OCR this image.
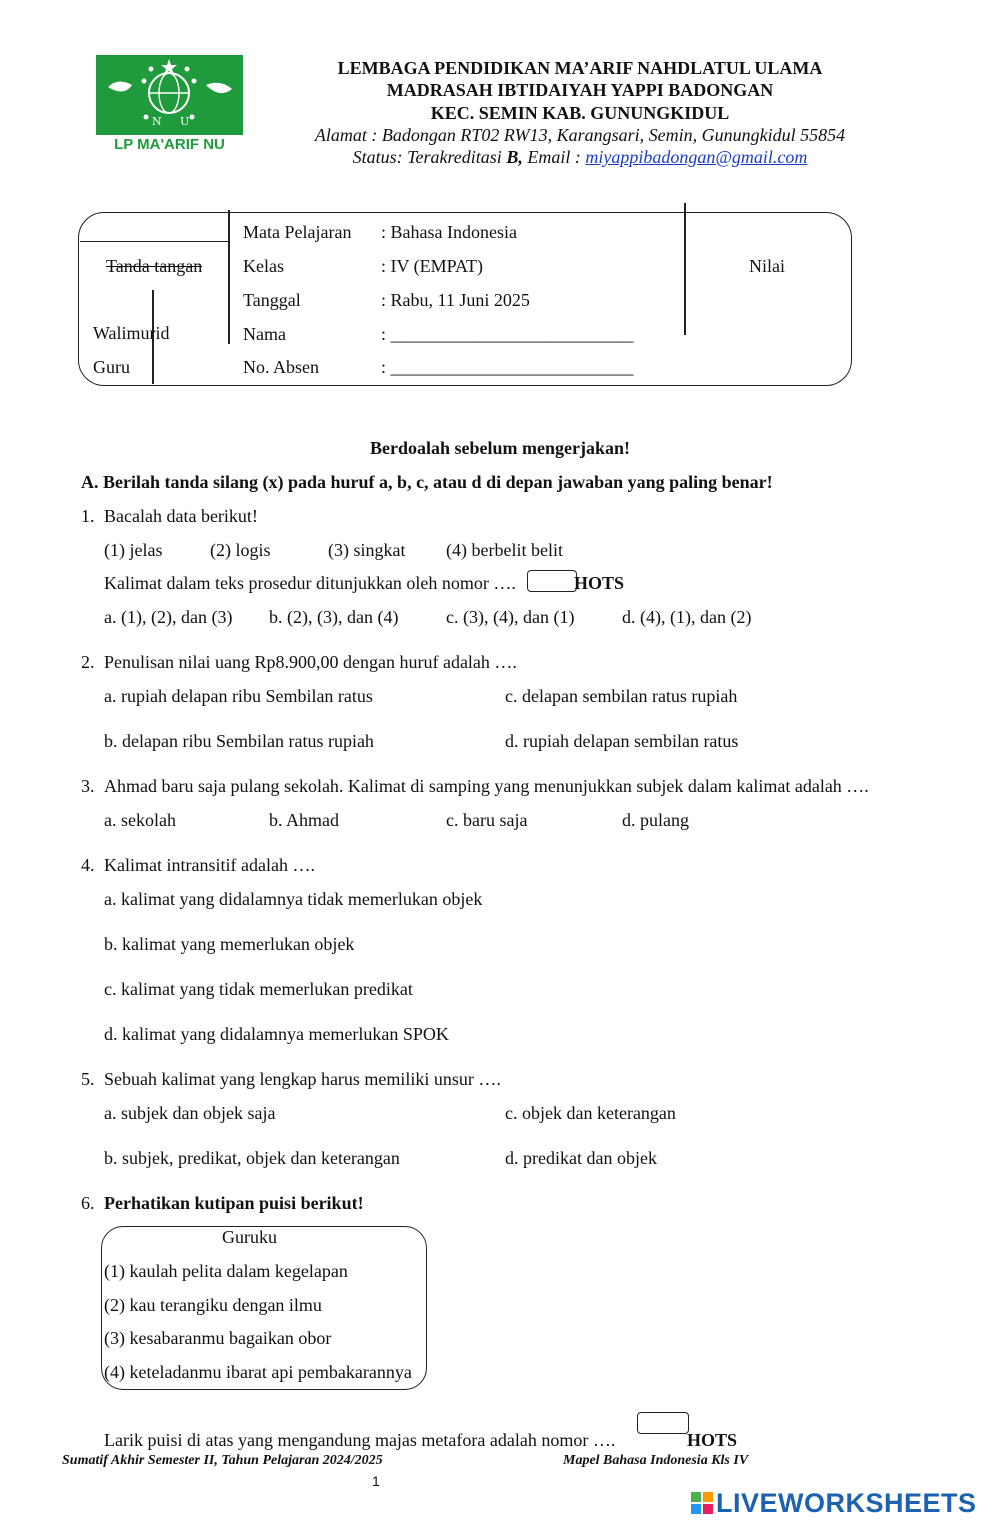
N U
LP MA'ARIF NU
LEMBAGA PENDIDIKAN MA’ARIF NAHDLATUL ULAMA
MADRASAH IBTIDAIYAH YAPPI BADONGAN
KEC. SEMIN KAB. GUNUNGKIDUL
Alamat : Badongan RT02 RW13, Karangsari, Semin, Gunungkidul 55854
Status: Terakreditasi B, Email : miyappibadongan@gmail.com
Tanda tangan
Walimurid
Guru
Nilai
Mata Pelajaran : Bahasa Indonesia
Kelas	: IV (EMPAT)
Tanggal	: Rabu, 11 Juni 2025
Nama	: ___________________________
No. Absen	: ___________________________
Berdoalah sebelum mengerjakan!
A. Berilah tanda silang (x) pada huruf a, b, c, atau d di depan jawaban yang paling benar!
1. Bacalah data berikut!
(1) jelas	(2) logis	(3) singkat (4) berbelit belit
Kalimat dalam teks prosedur ditunjukkan oleh nomor ….	HOTS
a. (1), (2), dan (3) b. (2), (3), dan (4)	c. (3), (4), dan (1)	d. (4), (1), dan (2)
2. Penulisan nilai uang Rp8.900,00 dengan huruf adalah ….
a. rupiah delapan ribu Sembilan ratus	c. delapan sembilan ratus rupiah
b. delapan ribu Sembilan ratus rupiah	d. rupiah delapan sembilan ratus
3. Ahmad baru saja pulang sekolah. Kalimat di samping yang menunjukkan subjek dalam kalimat adalah ….
a. sekolah	b. Ahmad	c. baru saja	d. pulang
4. Kalimat intransitif adalah ….
a. kalimat yang didalamnya tidak memerlukan objek
b. kalimat yang memerlukan objek
c. kalimat yang tidak memerlukan predikat
d. kalimat yang didalamnya memerlukan SPOK
5. Sebuah kalimat yang lengkap harus memiliki unsur ….
a. subjek dan objek saja	c. objek dan keterangan
b. subjek, predikat, objek dan keterangan	d. predikat dan objek
6. Perhatikan kutipan puisi berikut!
Guruku
(1) kaulah pelita dalam kegelapan
(2) kau terangiku dengan ilmu
(3) kesabaranmu bagaikan obor
(4) keteladanmu ibarat api pembakarannya
Larik puisi di atas yang mengandung majas metafora adalah nomor ….	HOTS
Sumatif Akhir Semester II, Tahun Pelajaran 2024/2025	Mapel Bahasa Indonesia Kls IV
1
LIVEWORKSHEETS
